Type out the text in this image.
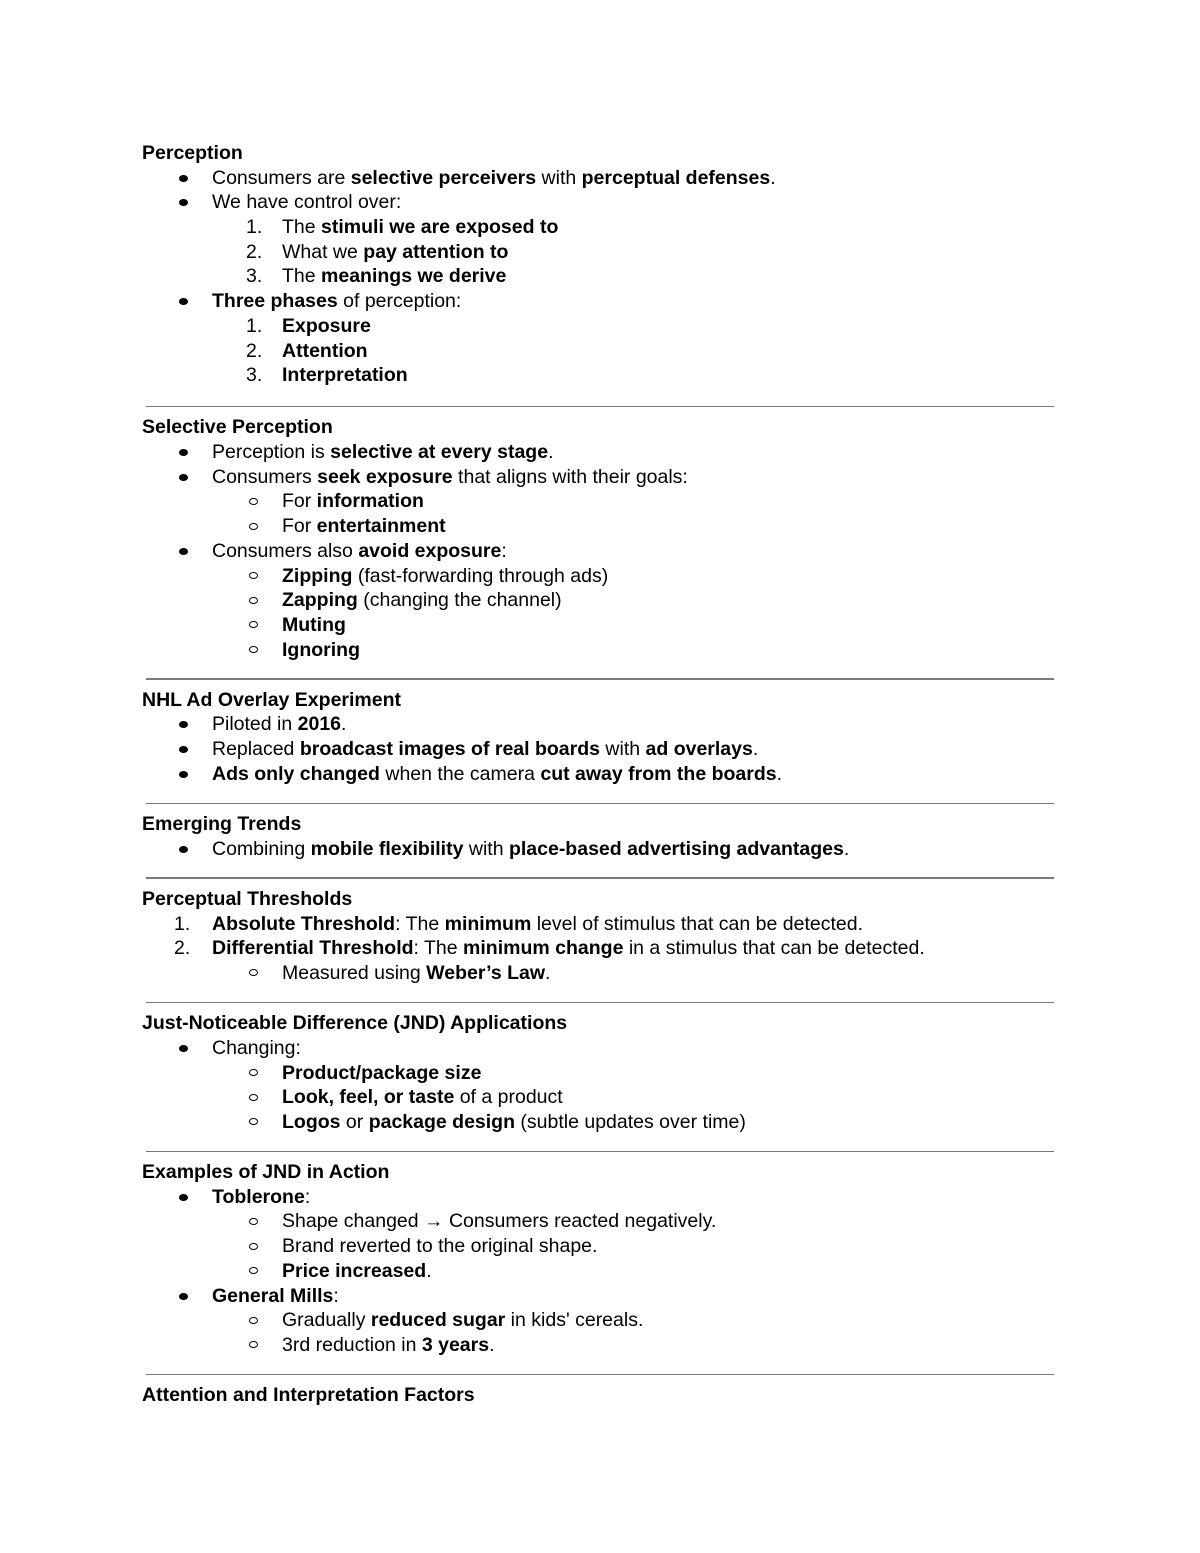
Perception
Consumers are selective perceivers with perceptual defenses.
We have control over:
1. The stimuli we are exposed to
2. What we pay attention to
3. The meanings we derive
Three phases of perception:
1. Exposure
2. Attention
3. Interpretation
Selective Perception
Perception is selective at every stage.
Consumers seek exposure that aligns with their goals:
For information
For entertainment
Consumers also avoid exposure:
Zipping (fast-forwarding through ads)
Zapping (changing the channel)
Muting
Ignoring
NHL Ad Overlay Experiment
Piloted in 2016.
Replaced broadcast images of real boards with ad overlays.
Ads only changed when the camera cut away from the boards.
Emerging Trends
Combining mobile flexibility with place-based advertising advantages.
Perceptual Thresholds
1. Absolute Threshold: The minimum level of stimulus that can be detected.
2. Differential Threshold: The minimum change in a stimulus that can be detected.
Measured using Weber’s Law.
Just-Noticeable Difference (JND) Applications
Changing:
Product/package size
Look, feel, or taste of a product
Logos or package design (subtle updates over time)
Examples of JND in Action
Toblerone:
Shape changed → Consumers reacted negatively.
Brand reverted to the original shape.
Price increased.
General Mills:
Gradually reduced sugar in kids' cereals.
3rd reduction in 3 years.
Attention and Interpretation Factors
